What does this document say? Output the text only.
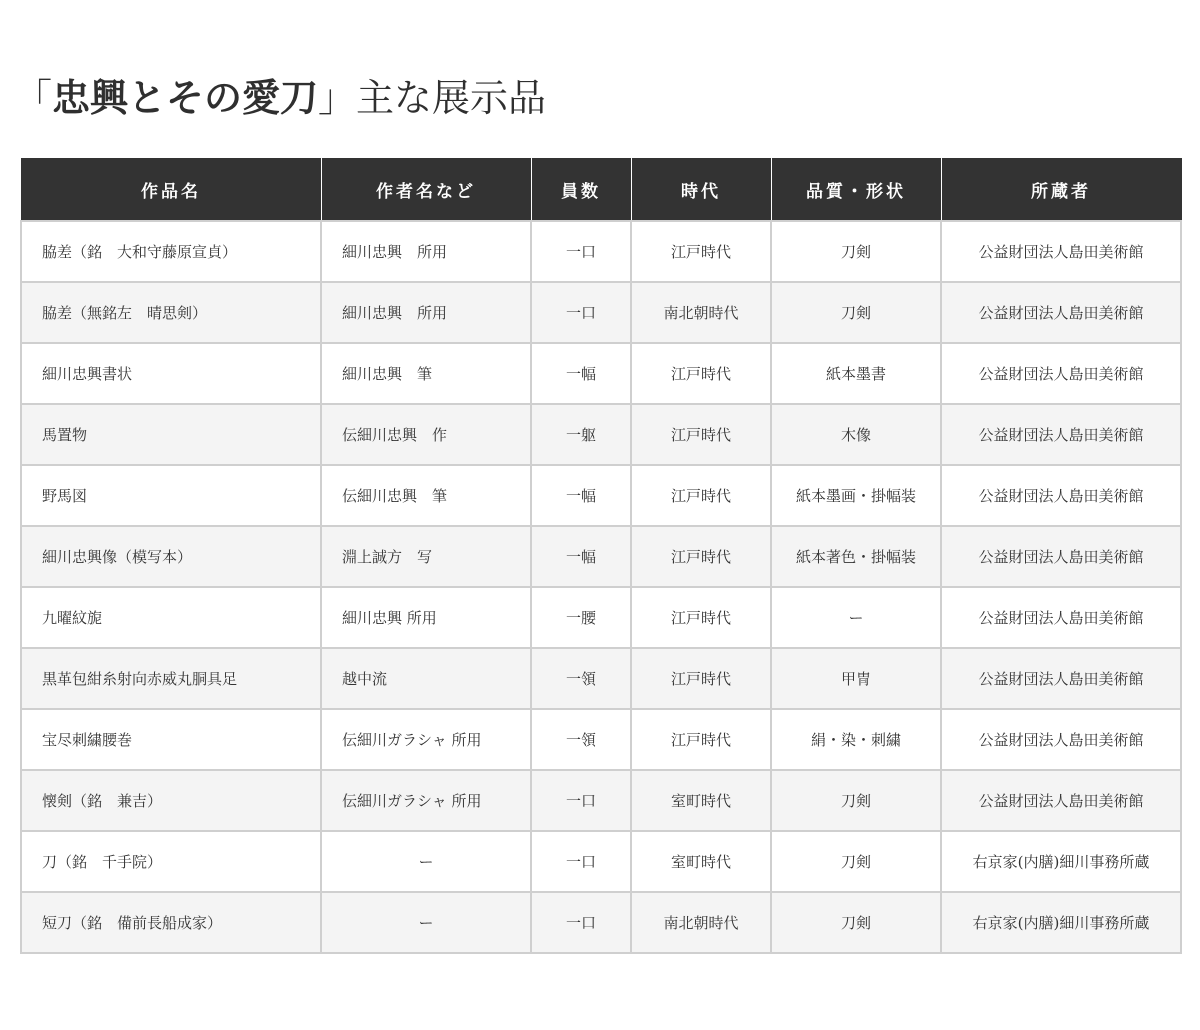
「忠興とその愛刀」主な展示品
作品名	作者名など	員数	時代	品質・形状	所蔵者
脇差（銘　大和守藤原宣貞）	細川忠興　所用	一口	江戸時代	刀剣	公益財団法人島田美術館
脇差（無銘左　晴思剣）	細川忠興　所用	一口	南北朝時代	刀剣	公益財団法人島田美術館
細川忠興書状	細川忠興　筆	一幅	江戸時代	紙本墨書	公益財団法人島田美術館
馬置物	伝細川忠興　作	一躯	江戸時代	木像	公益財団法人島田美術館
野馬図	伝細川忠興　筆	一幅	江戸時代	紙本墨画・掛幅装	公益財団法人島田美術館
細川忠興像（模写本）	淵上誠方　写	一幅	江戸時代	紙本著色・掛幅装	公益財団法人島田美術館
九曜紋旎	細川忠興 所用	一腰	江戸時代	ー	公益財団法人島田美術館
黒革包紺糸射向赤威丸胴具足	越中流	一領	江戸時代	甲冑	公益財団法人島田美術館
宝尽刺繍腰巻	伝細川ガラシャ 所用	一領	江戸時代	絹・染・刺繍	公益財団法人島田美術館
懐剣（銘　兼吉）	伝細川ガラシャ 所用	一口	室町時代	刀剣	公益財団法人島田美術館
刀（銘　千手院）	ー	一口	室町時代	刀剣	右京家(内膳)細川事務所蔵
短刀（銘　備前長船成家）	ー	一口	南北朝時代	刀剣	右京家(内膳)細川事務所蔵
